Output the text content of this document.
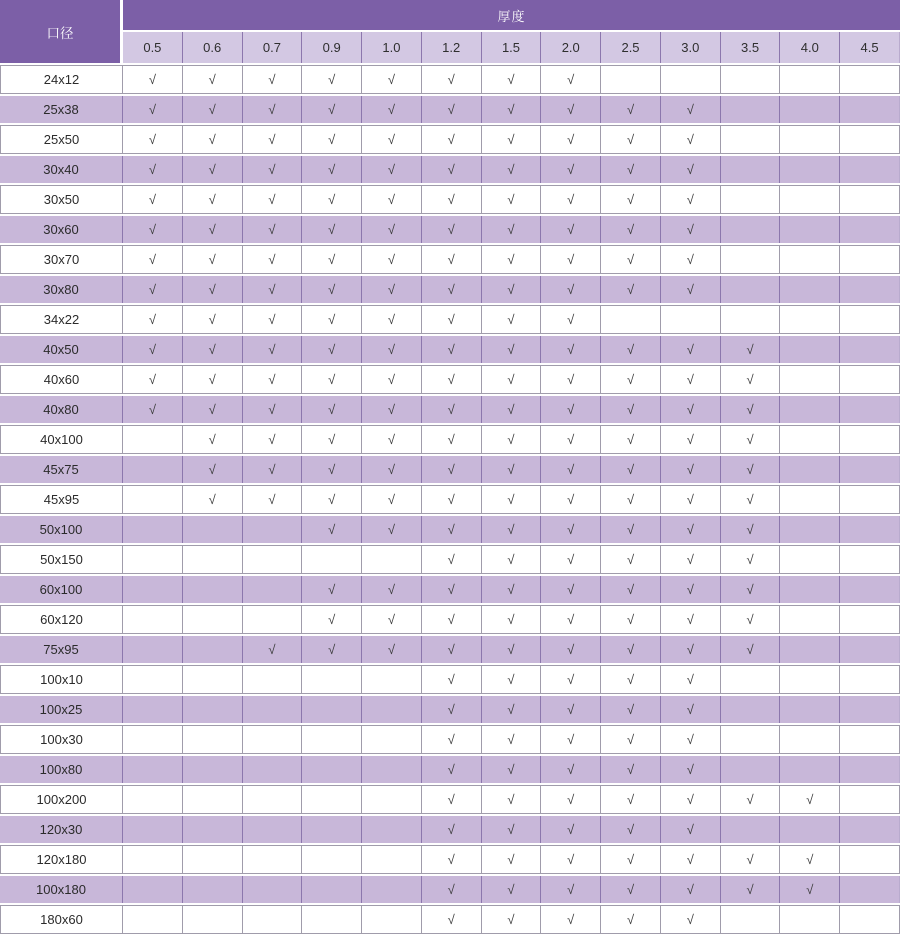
口径	厚度												
	0.5	0.6	0.7	0.9	1.0	1.2	1.5	2.0	2.5	3.0	3.5	4.0	4.5
24x12	√	√	√	√	√	√	√	√					
25x38	√	√	√	√	√	√	√	√	√	√			
25x50	√	√	√	√	√	√	√	√	√	√			
30x40	√	√	√	√	√	√	√	√	√	√			
30x50	√	√	√	√	√	√	√	√	√	√			
30x60	√	√	√	√	√	√	√	√	√	√			
30x70	√	√	√	√	√	√	√	√	√	√			
30x80	√	√	√	√	√	√	√	√	√	√			
34x22	√	√	√	√	√	√	√	√					
40x50	√	√	√	√	√	√	√	√	√	√	√		
40x60	√	√	√	√	√	√	√	√	√	√	√		
40x80	√	√	√	√	√	√	√	√	√	√	√		
40x100		√	√	√	√	√	√	√	√	√	√		
45x75		√	√	√	√	√	√	√	√	√	√		
45x95		√	√	√	√	√	√	√	√	√	√		
50x100				√	√	√	√	√	√	√	√		
50x150						√	√	√	√	√	√		
60x100				√	√	√	√	√	√	√	√		
60x120				√	√	√	√	√	√	√	√		
75x95			√	√	√	√	√	√	√	√	√		
100x10						√	√	√	√	√			
100x25						√	√	√	√	√			
100x30						√	√	√	√	√			
100x80						√	√	√	√	√			
100x200						√	√	√	√	√	√	√	
120x30						√	√	√	√	√			
120x180						√	√	√	√	√	√	√	
100x180						√	√	√	√	√	√	√	
180x60						√	√	√	√	√			
